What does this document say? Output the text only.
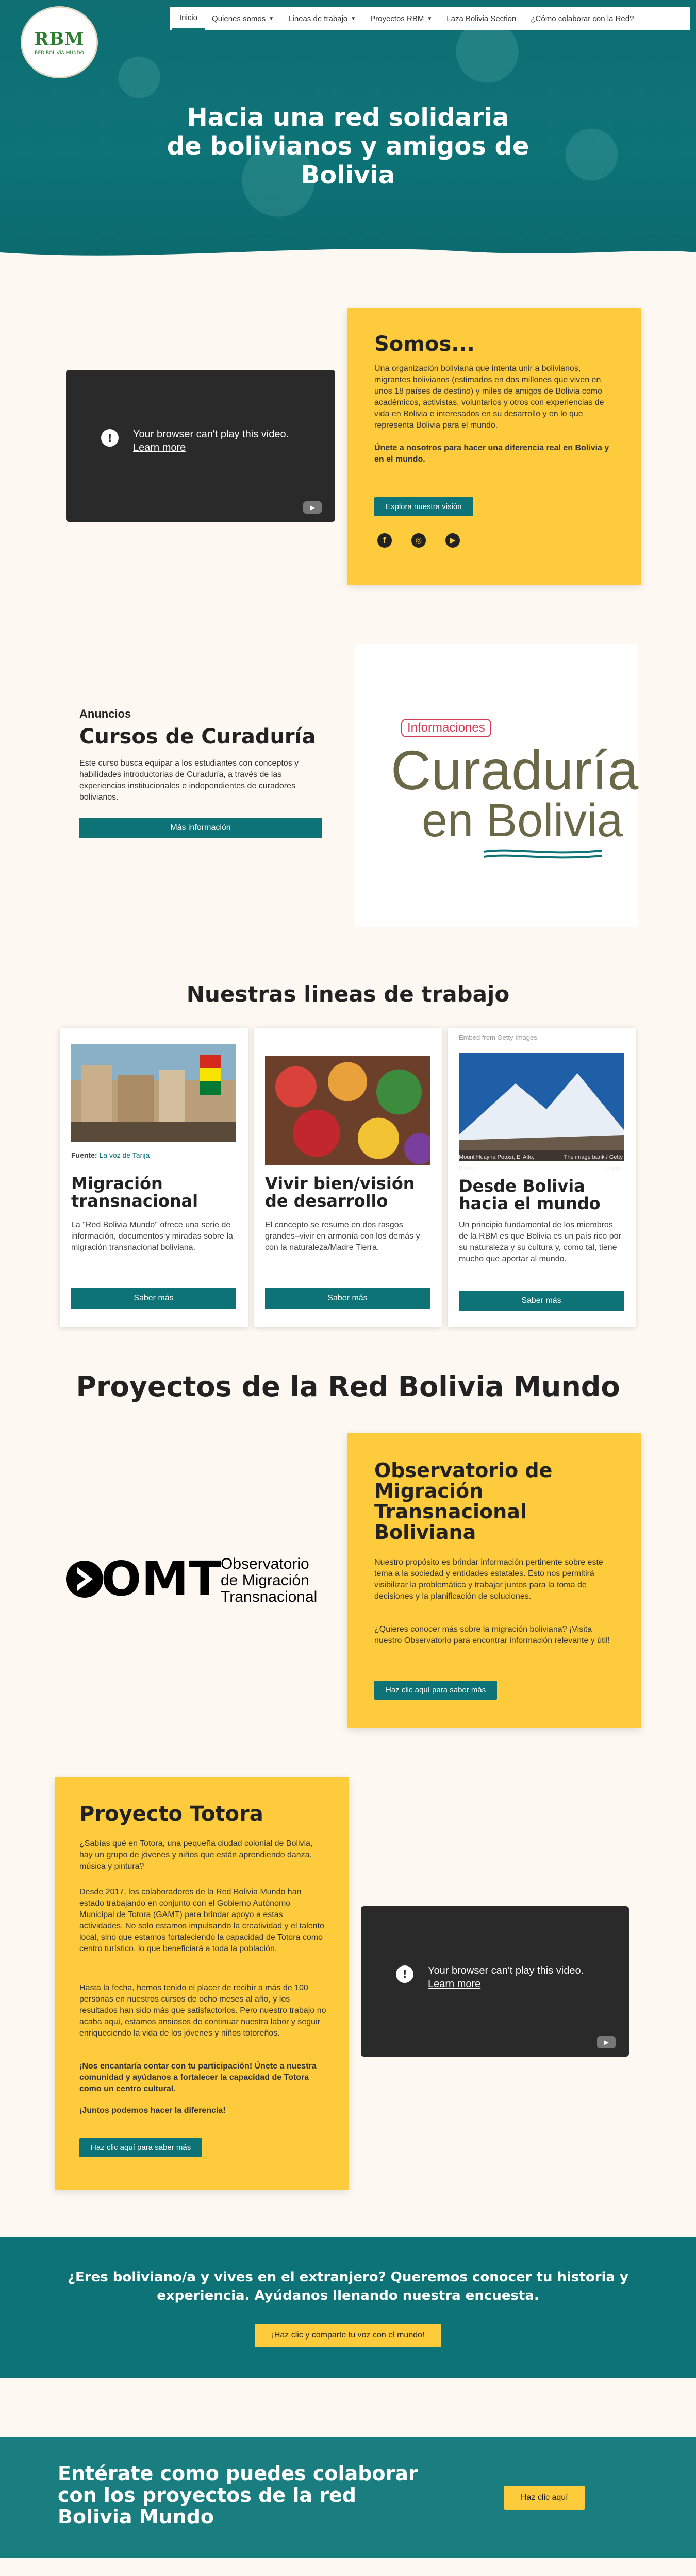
RBM
RED BOLIVIA MUNDO
Inicio Quienes somos ▼ Lineas de trabajo ▼ Proyectos RBM ▼ Laza Bolivia Section ¿Cómo colaborar con la Red?
Hacia una red solidaria
de bolivianos y amigos de
Bolivia
!	Your browser can't play this video.
Learn more
▶
Somos...

Una organización boliviana que intenta unir a bolivianos, migrantes bolivianos (estimados en dos millones que viven en unos 18 países de destino) y miles de amigos de Bolivia como académicos, activistas, voluntarios y otros con experiencias de vida en Bolivia e interesados en su desarrollo y en lo que representa Bolivia para el mundo.

Únete a nosotros para hacer una diferencia real en Bolivia y en el mundo.

Explora nuestra visión
f	◎	▶
Anuncios
Cursos de Curaduría

Este curso busca equipar a los estudiantes con conceptos y habilidades introductorias de Curaduría, a través de las experiencias institucionales e independientes de curadores bolivianos.

Más información
Informaciones
Curaduría
en Bolivia
Nuestras lineas de trabajo
Fuente: La voz de Tarija
Migración
transnacional

La "Red Bolivia Mundo" ofrece una serie de información, documentos y miradas sobre la migración transnacional boliviana.

Saber más
Vivir bien/visión
de desarrollo

El concepto se resume en dos rasgos grandes–vivir en armonía con los demás y con la naturaleza/Madre Tierra.

Saber más
Embed from Getty Images
Mount Huayna Potosí, El Alto, Bolivia
The image bank / Getty Images
Desde Bolivia
hacia el mundo

Un principio fundamental de los miembros de la RBM es que Bolivia es un país rico por su naturaleza y su cultura y, como tal, tiene mucho que aportar al mundo.

Saber más
Proyectos de la Red Bolivia Mundo
OMT Observatorio
de Migración
Transnacional
Observatorio de
Migración
Transnacional
Boliviana

Nuestro propósito es brindar información pertinente sobre este tema a la sociedad y entidades estatales. Esto nos permitirá visibilizar la problemática y trabajar juntos para la toma de decisiones y la planificación de soluciones.

¿Quieres conocer más sobre la migración boliviana? ¡Visita nuestro Observatorio para encontrar información relevante y útil!

Haz clic aquí para saber más
Proyecto Totora

¿Sabías qué en Totora, una pequeña ciudad colonial de Bolivia, hay un grupo de jóvenes y niños que están aprendiendo danza, música y pintura?

Desde 2017, los colaboradores de la Red Bolivia Mundo han estado trabajando en conjunto con el Gobierno Autónomo Municipal de Totora (GAMT) para brindar apoyo a estas actividades. No solo estamos impulsando la creatividad y el talento local, sino que estamos fortaleciendo la capacidad de Totora como centro turístico, lo que beneficiará a toda la población.

Hasta la fecha, hemos tenido el placer de recibir a más de 100 personas en nuestros cursos de ocho meses al año, y los resultados han sido más que satisfactorios. Pero nuestro trabajo no acaba aquí, estamos ansiosos de continuar nuestra labor y seguir enriqueciendo la vida de los jóvenes y niños totoreños.

¡Nos encantaría contar con tu participación! Únete a nuestra comunidad y ayúdanos a fortalecer la capacidad de Totora como un centro cultural.

¡Juntos podemos hacer la diferencia!

Haz clic aquí para saber más
!	Your browser can't play this video.
Learn more
▶
¿Eres boliviano/a y vives en el extranjero? Queremos conocer tu historia y
experiencia. Ayúdanos llenando nuestra encuesta.
¡Haz clic y comparte tu voz con el mundo!
Entérate como puedes colaborar
con los proyectos de la red
Bolivia Mundo
Haz clic aquí
